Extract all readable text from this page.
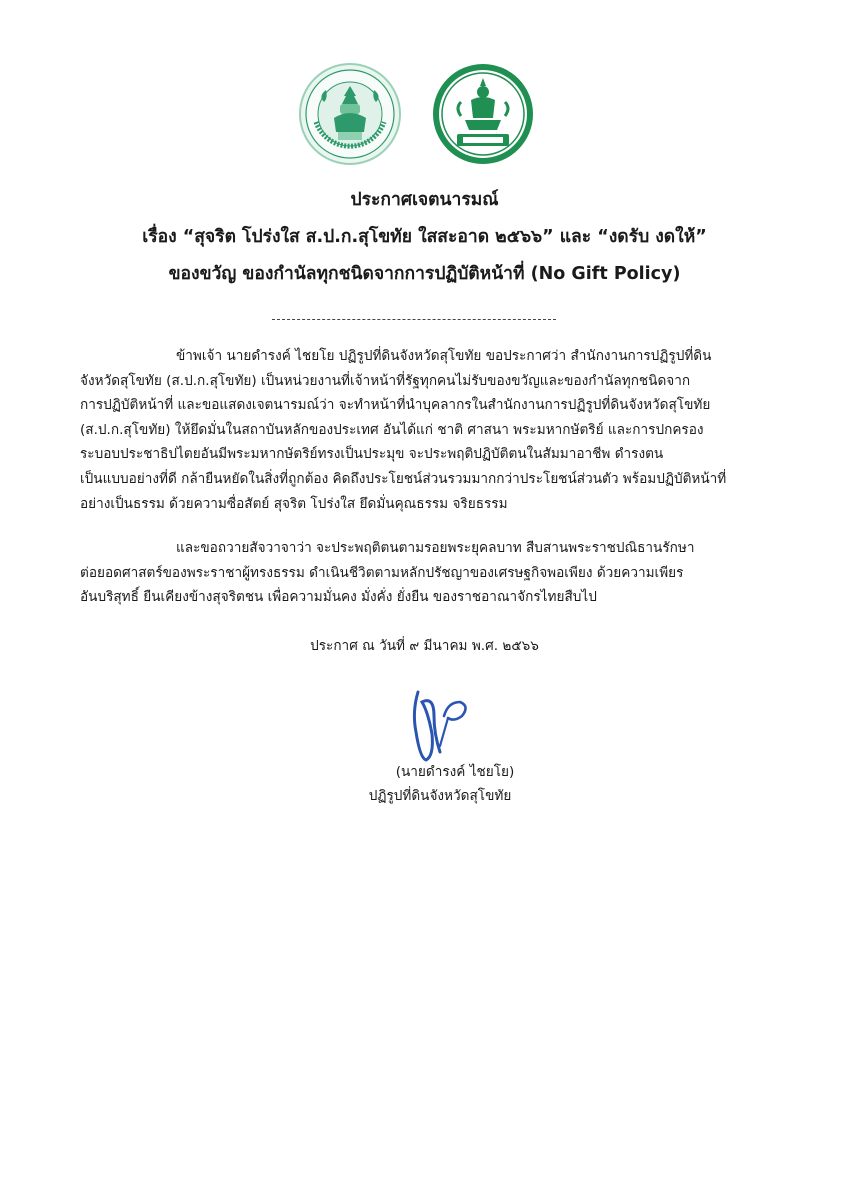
ประกาศเจตนารมณ์
เรื่อง “สุจริต โปร่งใส ส.ป.ก.สุโขทัย ใสสะอาด ๒๕๖๖” และ “งดรับ งดให้”
ของขวัญ ของกำนัลทุกชนิดจากการปฏิบัติหน้าที่ (No Gift Policy)
ข้าพเจ้า นายดำรงค์ ไชยโย ปฏิรูปที่ดินจังหวัดสุโขทัย ขอประกาศว่า สำนักงานการปฏิรูปที่ดิน
จังหวัดสุโขทัย (ส.ป.ก.สุโขทัย) เป็นหน่วยงานที่เจ้าหน้าที่รัฐทุกคนไม่รับของขวัญและของกำนัลทุกชนิดจาก
การปฏิบัติหน้าที่ และขอแสดงเจตนารมณ์ว่า จะทำหน้าที่นำบุคลากรในสำนักงานการปฏิรูปที่ดินจังหวัดสุโขทัย
(ส.ป.ก.สุโขทัย) ให้ยึดมั่นในสถาบันหลักของประเทศ อันได้แก่ ชาติ ศาสนา พระมหากษัตริย์ และการปกครอง
ระบอบประชาธิปไตยอันมีพระมหากษัตริย์ทรงเป็นประมุข จะประพฤติปฏิบัติตนในสัมมาอาชีพ ดำรงตน
เป็นแบบอย่างที่ดี กล้ายืนหยัดในสิ่งที่ถูกต้อง คิดถึงประโยชน์ส่วนรวมมากกว่าประโยชน์ส่วนตัว พร้อมปฏิบัติหน้าที่
อย่างเป็นธรรม ด้วยความซื่อสัตย์ สุจริต โปร่งใส ยึดมั่นคุณธรรม จริยธรรม
และขอถวายสัจวาจาว่า จะประพฤติตนตามรอยพระยุคลบาท สืบสานพระราชปณิธานรักษา
ต่อยอดศาสตร์ของพระราชาผู้ทรงธรรม ดำเนินชีวิตตามหลักปรัชญาของเศรษฐกิจพอเพียง ด้วยความเพียร
อันบริสุทธิ์ ยืนเคียงข้างสุจริตชน เพื่อความมั่นคง มั่งคั่ง ยั่งยืน ของราชอาณาจักรไทยสืบไป
ประกาศ ณ วันที่ ๙ มีนาคม พ.ศ. ๒๕๖๖
(นายดำรงค์ ไชยโย)
ปฏิรูปที่ดินจังหวัดสุโขทัย
